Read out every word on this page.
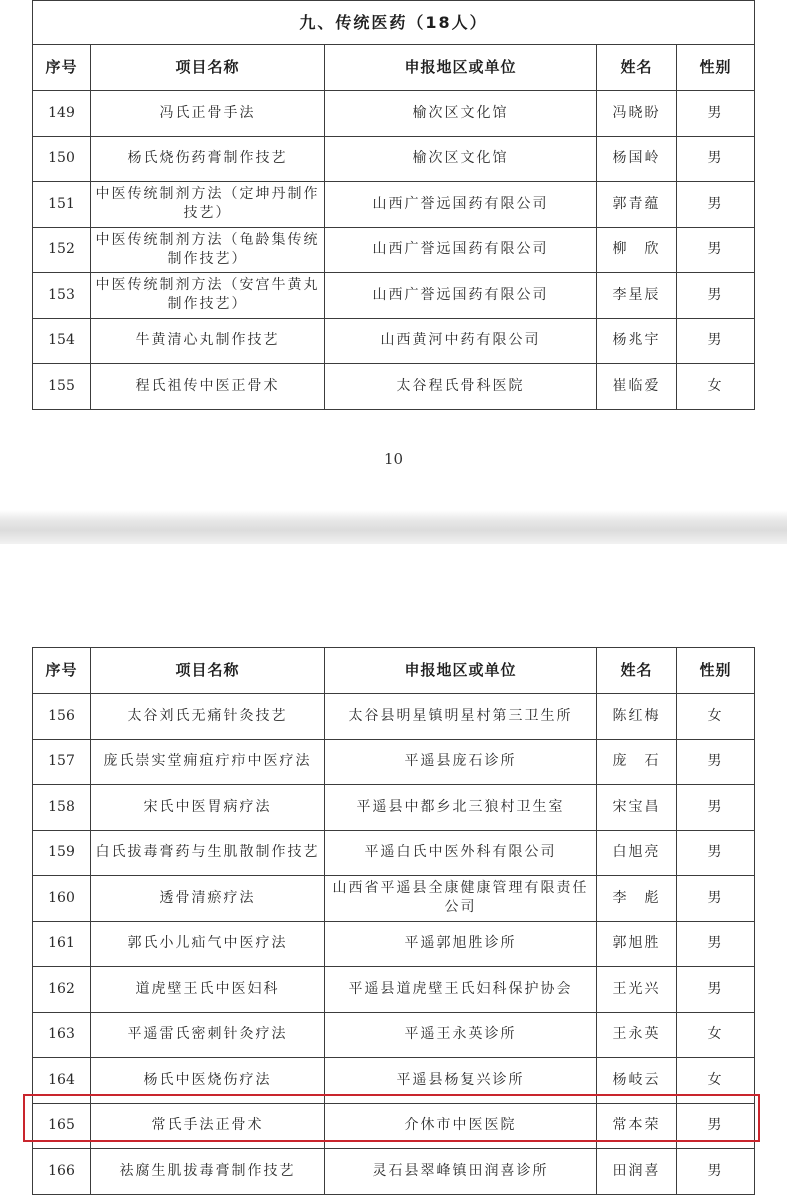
九、传统医药（18人）				
序号	项目名称	申报地区或单位	姓名	性别
149	冯氏正骨手法	榆次区文化馆	冯晓盼	男
150	杨氏烧伤药膏制作技艺	榆次区文化馆	杨国岭	男
151	中医传统制剂方法（定坤丹制作技艺）	山西广誉远国药有限公司	郭青蕴	男
152	中医传统制剂方法（龟龄集传统制作技艺）	山西广誉远国药有限公司	柳　欣	男
153	中医传统制剂方法（安宫牛黄丸制作技艺）	山西广誉远国药有限公司	李星辰	男
154	牛黄清心丸制作技艺	山西黄河中药有限公司	杨兆宇	男
155	程氏祖传中医正骨术	太谷程氏骨科医院	崔临爱	女
10
序号	项目名称	申报地区或单位	姓名	性别
156	太谷刘氏无痛针灸技艺	太谷县明星镇明星村第三卫生所	陈红梅	女
157	庞氏崇实堂痈疽疔疖中医疗法	平遥县庞石诊所	庞　石	男
158	宋氏中医胃病疗法	平遥县中都乡北三狼村卫生室	宋宝昌	男
159	白氏拔毒膏药与生肌散制作技艺	平遥白氏中医外科有限公司	白旭亮	男
160	透骨清瘀疗法	山西省平遥县全康健康管理有限责任公司	李　彪	男
161	郭氏小儿疝气中医疗法	平遥郭旭胜诊所	郭旭胜	男
162	道虎壁王氏中医妇科	平遥县道虎壁王氏妇科保护协会	王光兴	男
163	平遥雷氏密刺针灸疗法	平遥王永英诊所	王永英	女
164	杨氏中医烧伤疗法	平遥县杨复兴诊所	杨岐云	女
165	常氏手法正骨术	介休市中医医院	常本荣	男
166	祛腐生肌拔毒膏制作技艺	灵石县翠峰镇田润喜诊所	田润喜	男
